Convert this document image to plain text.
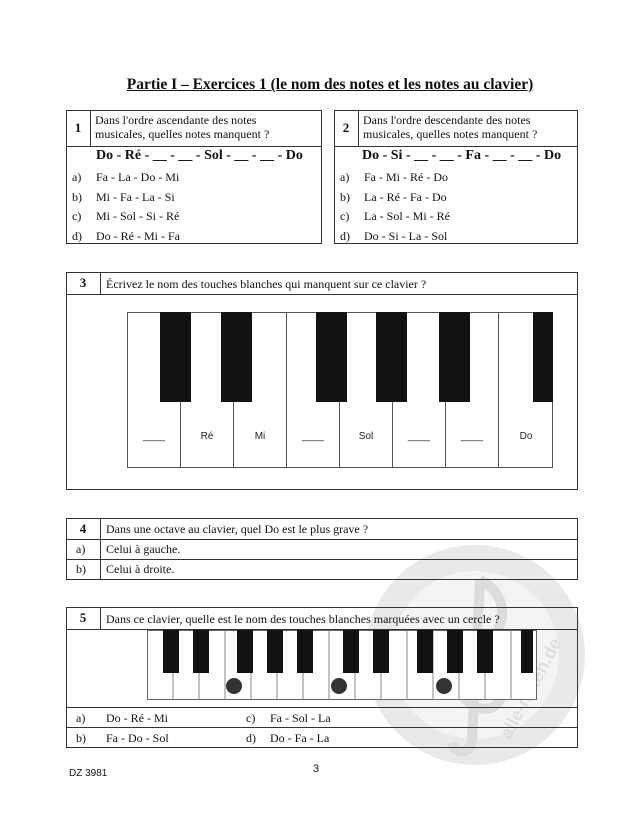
Partie I – Exercices 1 (le nom des notes et les notes au clavier)
1	Dans l'ordre ascendante des notes
musicales, quelles notes manquent ?
Do - Ré - __ - __ - Sol - __ - __ - Do
a) Fa - La - Do - Mi
b) Mi - Fa - La - Si
c) Mi - Sol - Si - Ré
d) Do - Ré - Mi - Fa
2	Dans l'ordre descendante des notes
musicales, quelles notes manquent ?
Do - Si - __ - __ - Fa - __ - __ - Do
a) Fa - Mi - Ré - Do
b) La - Ré - Fa - Do
c) La - Sol - Mi - Ré
d) Do - Si - La - Sol
3	Écrivez le nom des touches blanches qui manquent sur ce clavier ?
____	Ré	Mi	____	Sol	____	____	Do
4	Dans une octave au clavier, quel Do est le plus grave ?
a) Celui à gauche.
b) Celui à droite.
5	Dans ce clavier, quelle est le nom des touches blanches marquées avec un cercle ?
a) Do - Ré - Mi
b) Fa - Do - Sol
c) Fa - Sol - La
d) Do - Fa - La
DZ 3981	3
